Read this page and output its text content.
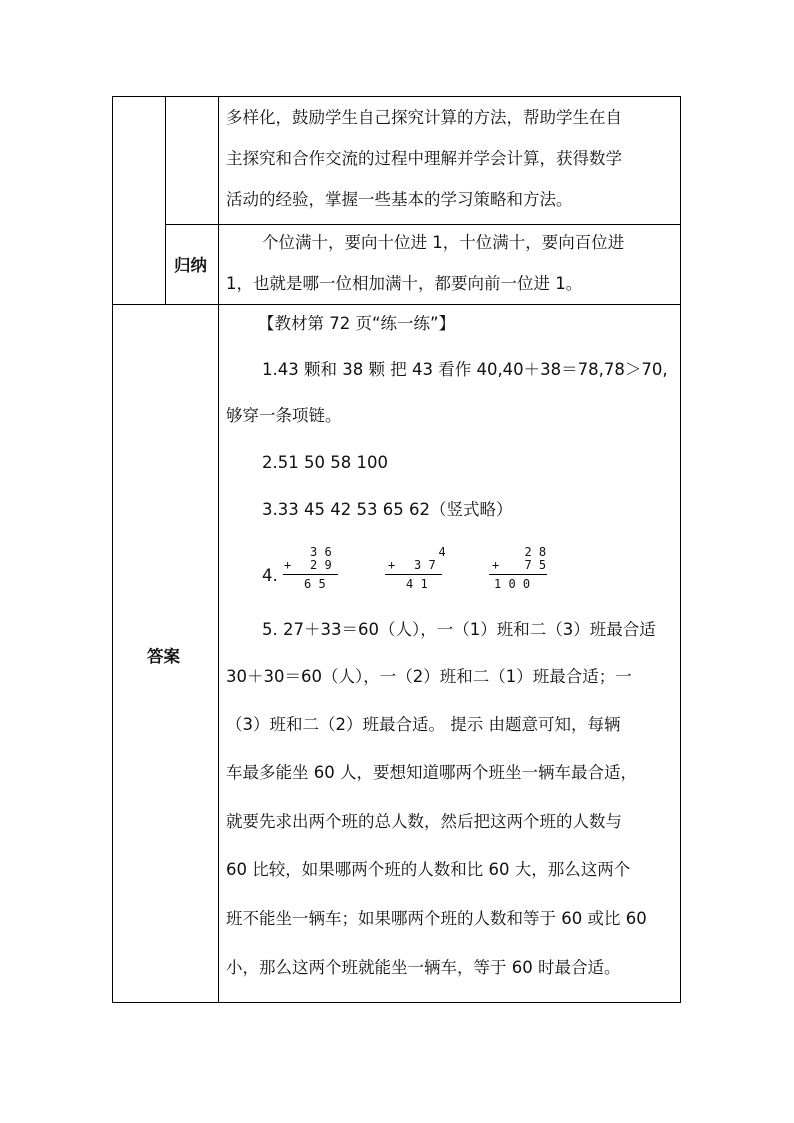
多样化，鼓励学生自己探究计算的方法，帮助学生在自
主探究和合作交流的过程中理解并学会计算，获得数学
活动的经验，掌握一些基本的学习策略和方法。
归纳
个位满十，要向十位进 1，十位满十，要向百位进
1，也就是哪一位相加满十，都要向前一位进 1。
答案
【教材第 72 页“练一练”】
1.43 颗和 38 颗 把 43 看作 40,40＋38＝78,78＞70,
够穿一条项链。
2.51 50 58 100
3.33 45 42 53 65 62（竖式略）
4.
3 6
+ 2 9
6 5
4
+ 3 7
4 1
2 8
+ 7 5
1 0 0
5. 27＋33＝60（人），一（1）班和二（3）班最合适
30＋30＝60（人），一（2）班和二（1）班最合适；一
（3）班和二（2）班最合适。 提示 由题意可知，每辆
车最多能坐 60 人，要想知道哪两个班坐一辆车最合适，
就要先求出两个班的总人数，然后把这两个班的人数与
60 比较，如果哪两个班的人数和比 60 大，那么这两个
班不能坐一辆车；如果哪两个班的人数和等于 60 或比 60
小，那么这两个班就能坐一辆车，等于 60 时最合适。
